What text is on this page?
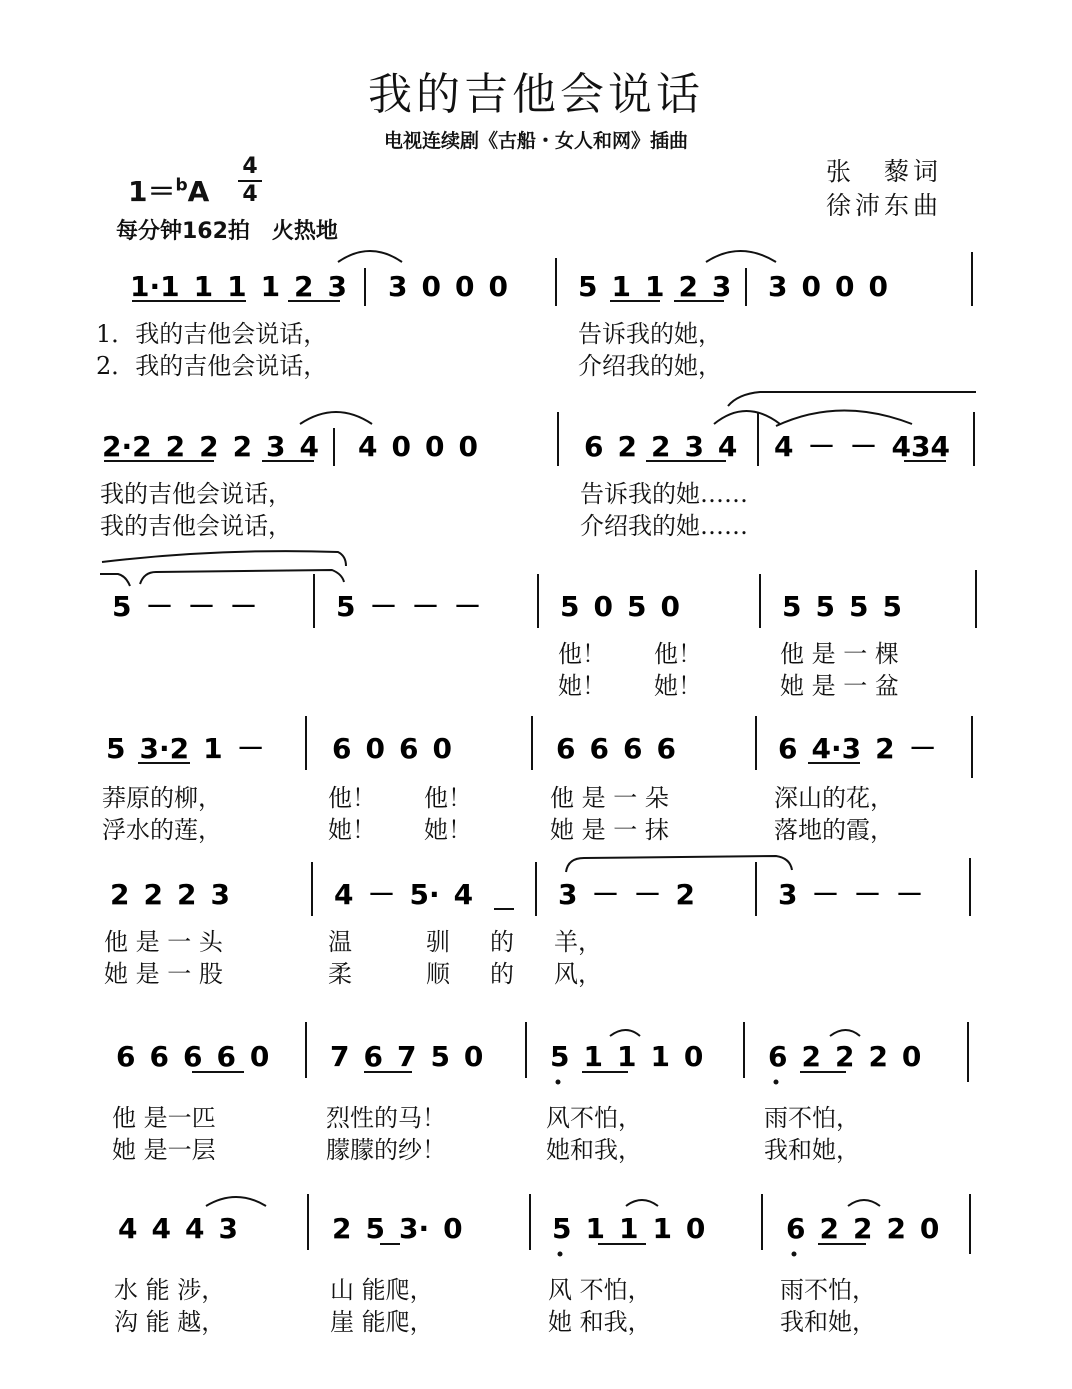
我的吉他会说话
电视连续剧《古船・女人和网》插曲
张　藜词
徐沛东曲
1＝$^b$A
4
4
每分钟162拍　火热地
1·1 1 1 1 2 3 3 0 0 0	5 1 1 2 3 3 0 0 0
2·2 2 2 2 3 4 4 0 0 0	6 2 2 3 4 4 － － 434
5 － － －	5 － － －	5 0 5 0	5 5 5 5
5 3·2 1 － 6 0 6 0	6 6 6 6	6 4·3 2 －
2 2 2 3	4 － 5· 4	3 － － 2	3 － － －
6 6 6 6 0 7 6 7 5 0 5 1 1 1 0 6 2 2 2 0
4 4 4 3	2 5 3· 0	5 1 1 1 0	6 2 2 2 0
1．我的吉他会说话，	告诉我的她，
2．我的吉他会说话，	介绍我的她，
我的吉他会说话，	告诉我的她……
我的吉他会说话，	介绍我的她……
他！ 他！	他 是 一 棵
她！ 她！	她 是 一 盆
莽原的柳，	他！ 他！	他 是 一 朵	深山的花，
浮水的莲，	她！ 她！	她 是 一 抹	落地的霞，
他 是 一 头	温	驯 的 羊，
她 是 一 股	柔	顺 的 风，
他 是一匹	烈性的马！	风不怕，	雨不怕，
她 是一层	朦朦的纱！	她和我，	我和她，
水 能 涉，	山 能爬，	风 不怕，	雨不怕，
沟 能 越，	崖 能爬，	她 和我，	我和她，
